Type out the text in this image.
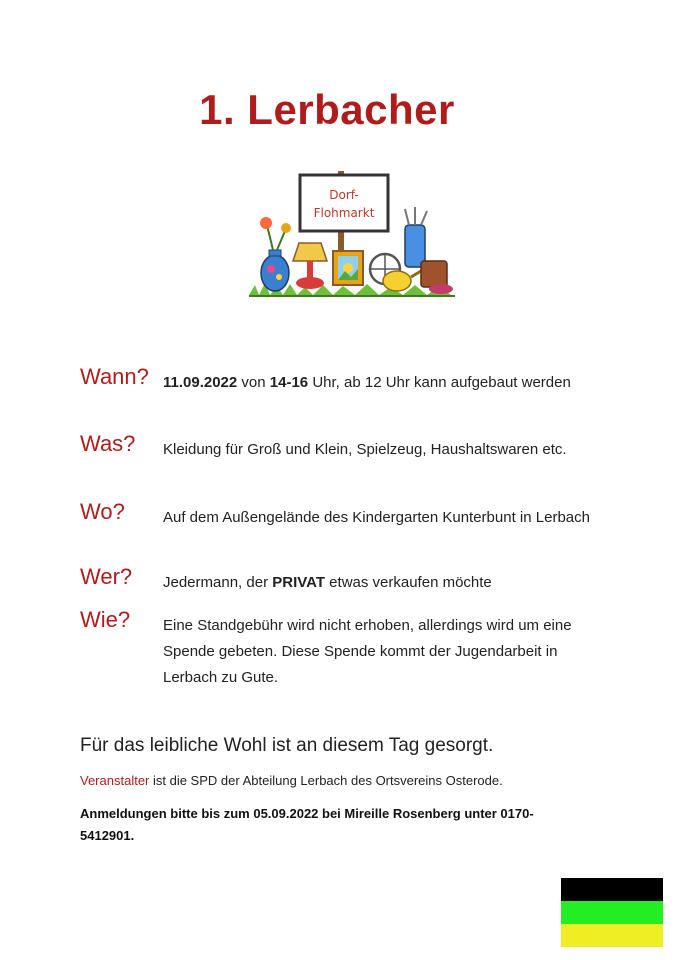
1. Lerbacher
Dorf-
Flohmarkt
Wann? 11.09.2022 von 14-16 Uhr, ab 12 Uhr kann aufgebaut werden
Was? Kleidung für Groß und Klein, Spielzeug, Haushaltswaren etc.
Wo?	Auf dem Außengelände des Kindergarten Kunterbunt in Lerbach
Wer? Jedermann, der PRIVAT etwas verkaufen möchte
Wie? Eine Standgebühr wird nicht erhoben, allerdings wird um eine Spende gebeten. Diese Spende kommt der Jugendarbeit in Lerbach zu Gute.
Für das leibliche Wohl ist an diesem Tag gesorgt.
Veranstalter ist die SPD der Abteilung Lerbach des Ortsvereins Osterode.
Anmeldungen bitte bis zum 05.09.2022 bei Mireille Rosenberg unter 0170-5412901.
